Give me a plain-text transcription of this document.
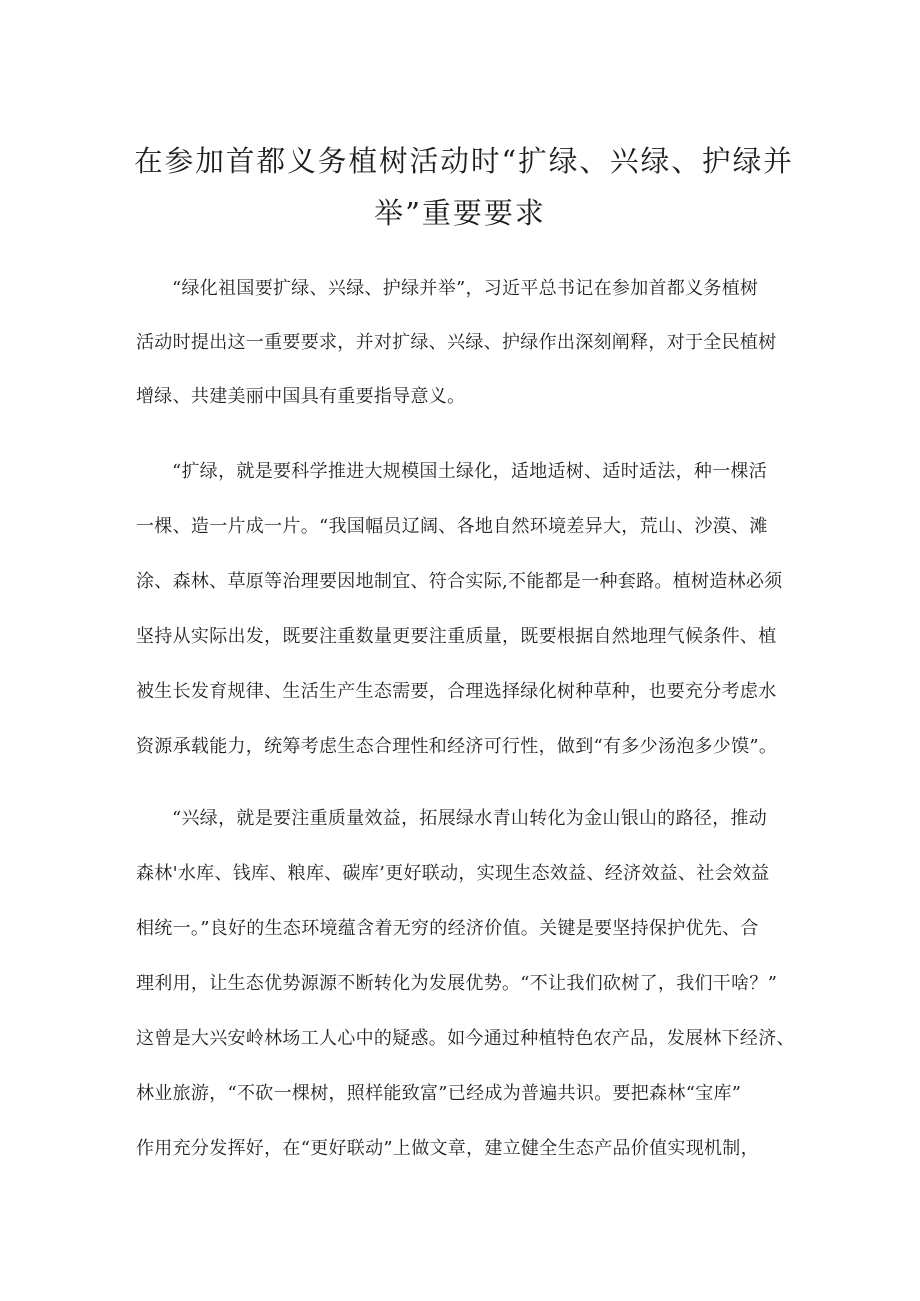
在参加首都义务植树活动时“扩绿、兴绿、护绿并
举”重要要求
“绿化祖国要扩绿、兴绿、护绿并举”，习近平总书记在参加首都义务植树
活动时提出这一重要要求，并对扩绿、兴绿、护绿作出深刻阐释，对于全民植树
增绿、共建美丽中国具有重要指导意义。
“扩绿，就是要科学推进大规模国土绿化，适地适树、适时适法，种一棵活
一棵、造一片成一片。“我国幅员辽阔、各地自然环境差异大，荒山、沙漠、滩
涂、森林、草原等治理要因地制宜、符合实际,不能都是一种套路。植树造林必须
坚持从实际出发，既要注重数量更要注重质量，既要根据自然地理气候条件、植
被生长发育规律、生活生产生态需要，合理选择绿化树种草种，也要充分考虑水
资源承载能力，统筹考虑生态合理性和经济可行性，做到“有多少汤泡多少馍”。
“兴绿，就是要注重质量效益，拓展绿水青山转化为金山银山的路径，推动
森林'水库、钱库、粮库、碳库’更好联动，实现生态效益、经济效益、社会效益
相统一。”良好的生态环境蕴含着无穷的经济价值。关键是要坚持保护优先、合
理利用，让生态优势源源不断转化为发展优势。“不让我们砍树了，我们干啥？”
这曾是大兴安岭林场工人心中的疑惑。如今通过种植特色农产品，发展林下经济、
林业旅游，“不砍一棵树，照样能致富”已经成为普遍共识。要把森林“宝库”
作用充分发挥好，在“更好联动”上做文章，建立健全生态产品价值实现机制，
